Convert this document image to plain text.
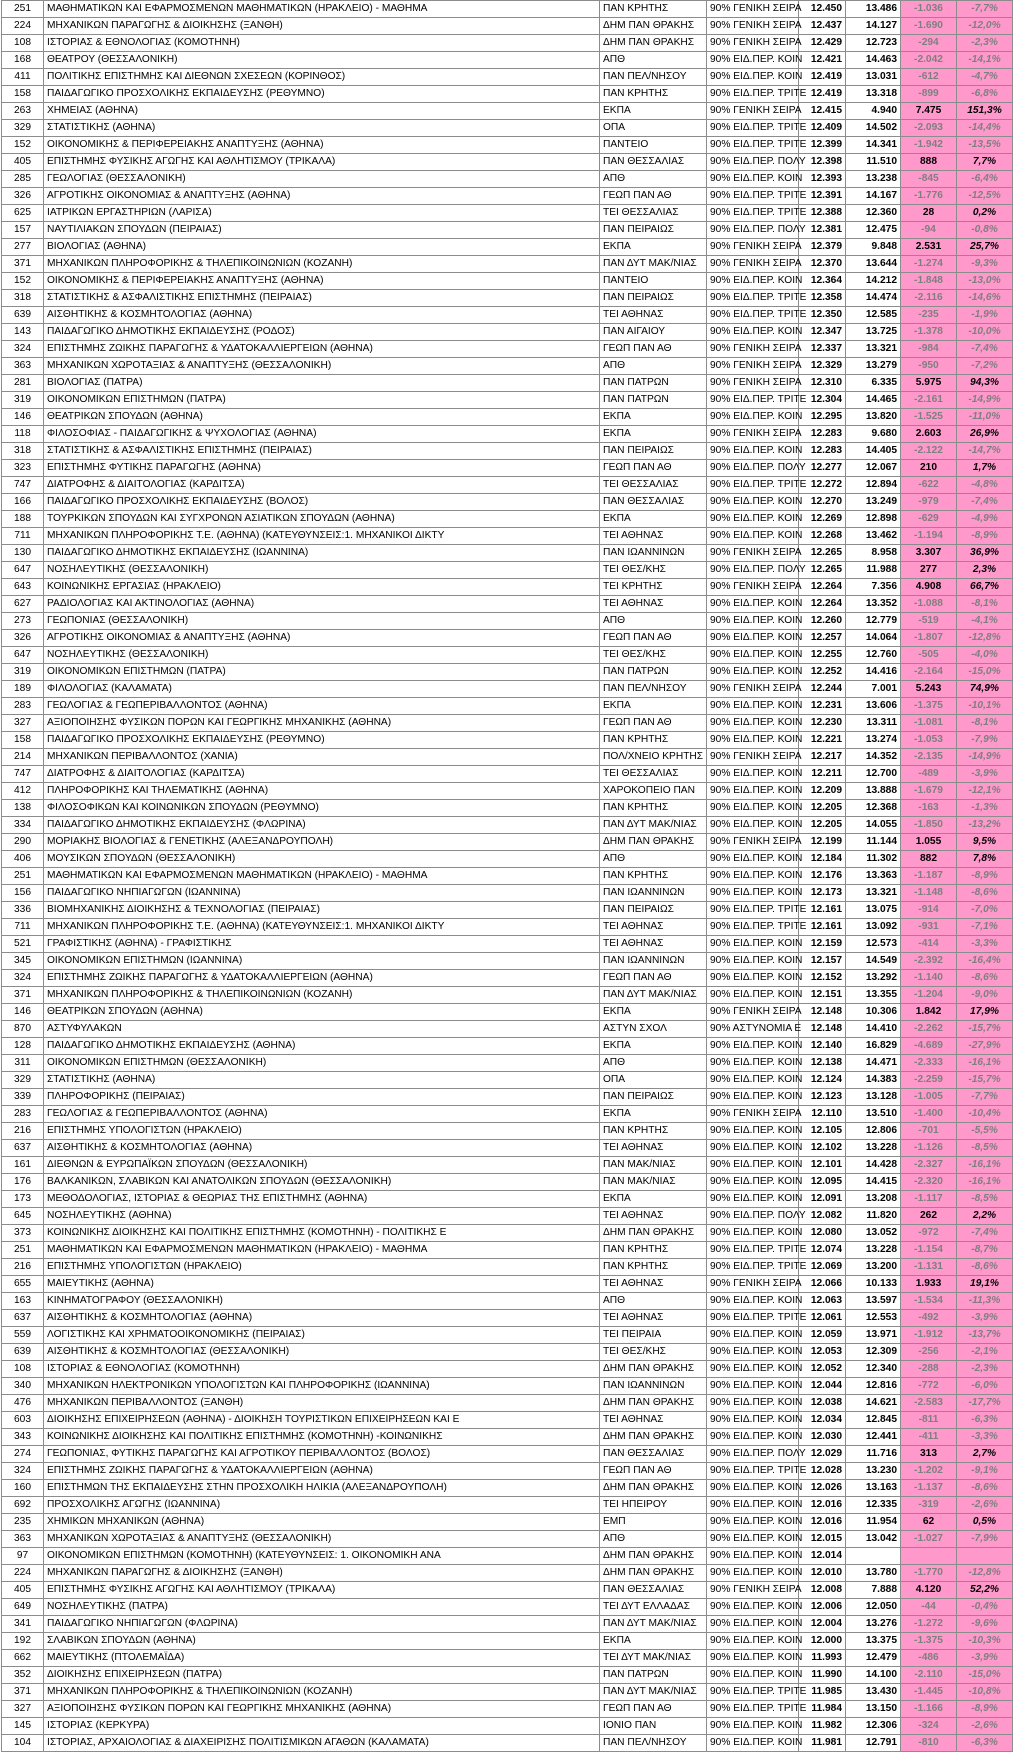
251	ΜΑΘΗΜΑΤΙΚΩΝ ΚΑΙ ΕΦΑΡΜΟΣΜΕΝΩΝ ΜΑΘΗΜΑΤΙΚΩΝ (ΗΡΑΚΛΕΙΟ) - ΜΑΘΗΜΑ	ΠΑΝ ΚΡΗΤΗΣ	90% ΓΕΝΙΚΗ ΣΕΙΡΑ	12.450	13.486	-1.036	-7,7%
224	ΜΗΧΑΝΙΚΩΝ ΠΑΡΑΓΩΓΗΣ & ΔΙΟΙΚΗΣΗΣ (ΞΑΝΘΗ)	ΔΗΜ ΠΑΝ ΘΡΑΚΗΣ	90% ΓΕΝΙΚΗ ΣΕΙΡΑ	12.437	14.127	-1.690	-12,0%
108	ΙΣΤΟΡΙΑΣ & ΕΘΝΟΛΟΓΙΑΣ (ΚΟΜΟΤΗΝΗ)	ΔΗΜ ΠΑΝ ΘΡΑΚΗΣ	90% ΓΕΝΙΚΗ ΣΕΙΡΑ	12.429	12.723	-294	-2,3%
168	ΘΕΑΤΡΟΥ (ΘΕΣΣΑΛΟΝΙΚΗ)	ΑΠΘ	90% ΕΙΔ.ΠΕΡ. ΚΟΙΝ	12.421	14.463	-2.042	-14,1%
411	ΠΟΛΙΤΙΚΗΣ ΕΠΙΣΤΗΜΗΣ ΚΑΙ ΔΙΕΘΝΩΝ ΣΧΕΣΕΩΝ (ΚΟΡΙΝΘΟΣ)	ΠΑΝ ΠΕΛ/ΝΗΣΟΥ	90% ΕΙΔ.ΠΕΡ. ΚΟΙΝ	12.419	13.031	-612	-4,7%
158	ΠΑΙΔΑΓΩΓΙΚΟ ΠΡΟΣΧΟΛΙΚΗΣ ΕΚΠΑΙΔΕΥΣΗΣ (ΡΕΘΥΜΝΟ)	ΠΑΝ ΚΡΗΤΗΣ	90% ΕΙΔ.ΠΕΡ. ΤΡΙΤΕ	12.419	13.318	-899	-6,8%
263	ΧΗΜΕΙΑΣ (ΑΘΗΝΑ)	ΕΚΠΑ	90% ΓΕΝΙΚΗ ΣΕΙΡΑ	12.415	4.940	7.475	151,3%
329	ΣΤΑΤΙΣΤΙΚΗΣ (ΑΘΗΝΑ)	ΟΠΑ	90% ΕΙΔ.ΠΕΡ. ΤΡΙΤΕ	12.409	14.502	-2.093	-14,4%
152	ΟΙΚΟΝΟΜΙΚΗΣ & ΠΕΡΙΦΕΡΕΙΑΚΗΣ ΑΝΑΠΤΥΞΗΣ (ΑΘΗΝΑ)	ΠΑΝΤΕΙΟ	90% ΕΙΔ.ΠΕΡ. ΤΡΙΤΕ	12.399	14.341	-1.942	-13,5%
405	ΕΠΙΣΤΗΜΗΣ ΦΥΣΙΚΗΣ ΑΓΩΓΗΣ ΚΑΙ ΑΘΛΗΤΙΣΜΟΥ (ΤΡΙΚΑΛΑ)	ΠΑΝ ΘΕΣΣΑΛΙΑΣ	90% ΕΙΔ.ΠΕΡ. ΠΟΛΥ	12.398	11.510	888	7,7%
285	ΓΕΩΛΟΓΙΑΣ (ΘΕΣΣΑΛΟΝΙΚΗ)	ΑΠΘ	90% ΕΙΔ.ΠΕΡ. ΚΟΙΝ	12.393	13.238	-845	-6,4%
326	ΑΓΡΟΤΙΚΗΣ ΟΙΚΟΝΟΜΙΑΣ & ΑΝΑΠΤΥΞΗΣ (ΑΘΗΝΑ)	ΓΕΩΠ ΠΑΝ ΑΘ	90% ΕΙΔ.ΠΕΡ. ΤΡΙΤΕ	12.391	14.167	-1.776	-12,5%
625	ΙΑΤΡΙΚΩΝ ΕΡΓΑΣΤΗΡΙΩΝ (ΛΑΡΙΣΑ)	ΤΕΙ ΘΕΣΣΑΛΙΑΣ	90% ΕΙΔ.ΠΕΡ. ΤΡΙΤΕ	12.388	12.360	28	0,2%
157	ΝΑΥΤΙΛΙΑΚΩΝ ΣΠΟΥΔΩΝ (ΠΕΙΡΑΙΑΣ)	ΠΑΝ ΠΕΙΡΑΙΩΣ	90% ΕΙΔ.ΠΕΡ. ΠΟΛΥ	12.381	12.475	-94	-0,8%
277	ΒΙΟΛΟΓΙΑΣ (ΑΘΗΝΑ)	ΕΚΠΑ	90% ΓΕΝΙΚΗ ΣΕΙΡΑ	12.379	9.848	2.531	25,7%
371	ΜΗΧΑΝΙΚΩΝ ΠΛΗΡΟΦΟΡΙΚΗΣ & ΤΗΛΕΠΙΚΟΙΝΩΝΙΩΝ (ΚΟΖΑΝΗ)	ΠΑΝ ΔΥΤ ΜΑΚ/ΝΙΑΣ	90% ΓΕΝΙΚΗ ΣΕΙΡΑ	12.370	13.644	-1.274	-9,3%
152	ΟΙΚΟΝΟΜΙΚΗΣ & ΠΕΡΙΦΕΡΕΙΑΚΗΣ ΑΝΑΠΤΥΞΗΣ (ΑΘΗΝΑ)	ΠΑΝΤΕΙΟ	90% ΕΙΔ.ΠΕΡ. ΚΟΙΝ	12.364	14.212	-1.848	-13,0%
318	ΣΤΑΤΙΣΤΙΚΗΣ & ΑΣΦΑΛΙΣΤΙΚΗΣ ΕΠΙΣΤΗΜΗΣ (ΠΕΙΡΑΙΑΣ)	ΠΑΝ ΠΕΙΡΑΙΩΣ	90% ΕΙΔ.ΠΕΡ. ΤΡΙΤΕ	12.358	14.474	-2.116	-14,6%
639	ΑΙΣΘΗΤΙΚΗΣ & ΚΟΣΜΗΤΟΛΟΓΙΑΣ (ΑΘΗΝΑ)	ΤΕΙ ΑΘΗΝΑΣ	90% ΕΙΔ.ΠΕΡ. ΤΡΙΤΕ	12.350	12.585	-235	-1,9%
143	ΠΑΙΔΑΓΩΓΙΚΟ ΔΗΜΟΤΙΚΗΣ ΕΚΠΑΙΔΕΥΣΗΣ (ΡΟΔΟΣ)	ΠΑΝ ΑΙΓΑΙΟΥ	90% ΕΙΔ.ΠΕΡ. ΚΟΙΝ	12.347	13.725	-1.378	-10,0%
324	ΕΠΙΣΤΗΜΗΣ ΖΩΙΚΗΣ ΠΑΡΑΓΩΓΗΣ & ΥΔΑΤΟΚΑΛΛΙΕΡΓΕΙΩΝ (ΑΘΗΝΑ)	ΓΕΩΠ ΠΑΝ ΑΘ	90% ΓΕΝΙΚΗ ΣΕΙΡΑ	12.337	13.321	-984	-7,4%
363	ΜΗΧΑΝΙΚΩΝ ΧΩΡΟΤΑΞΙΑΣ & ΑΝΑΠΤΥΞΗΣ (ΘΕΣΣΑΛΟΝΙΚΗ)	ΑΠΘ	90% ΓΕΝΙΚΗ ΣΕΙΡΑ	12.329	13.279	-950	-7,2%
281	ΒΙΟΛΟΓΙΑΣ (ΠΑΤΡΑ)	ΠΑΝ ΠΑΤΡΩΝ	90% ΓΕΝΙΚΗ ΣΕΙΡΑ	12.310	6.335	5.975	94,3%
319	ΟΙΚΟΝΟΜΙΚΩΝ ΕΠΙΣΤΗΜΩΝ (ΠΑΤΡΑ)	ΠΑΝ ΠΑΤΡΩΝ	90% ΕΙΔ.ΠΕΡ. ΤΡΙΤΕ	12.304	14.465	-2.161	-14,9%
146	ΘΕΑΤΡΙΚΩΝ ΣΠΟΥΔΩΝ (ΑΘΗΝΑ)	ΕΚΠΑ	90% ΕΙΔ.ΠΕΡ. ΚΟΙΝ	12.295	13.820	-1.525	-11,0%
118	ΦΙΛΟΣΟΦΙΑΣ - ΠΑΙΔΑΓΩΓΙΚΗΣ & ΨΥΧΟΛΟΓΙΑΣ (ΑΘΗΝΑ)	ΕΚΠΑ	90% ΓΕΝΙΚΗ ΣΕΙΡΑ	12.283	9.680	2.603	26,9%
318	ΣΤΑΤΙΣΤΙΚΗΣ & ΑΣΦΑΛΙΣΤΙΚΗΣ ΕΠΙΣΤΗΜΗΣ (ΠΕΙΡΑΙΑΣ)	ΠΑΝ ΠΕΙΡΑΙΩΣ	90% ΕΙΔ.ΠΕΡ. ΚΟΙΝ	12.283	14.405	-2.122	-14,7%
323	ΕΠΙΣΤΗΜΗΣ ΦΥΤΙΚΗΣ ΠΑΡΑΓΩΓΗΣ (ΑΘΗΝΑ)	ΓΕΩΠ ΠΑΝ ΑΘ	90% ΕΙΔ.ΠΕΡ. ΠΟΛΥ	12.277	12.067	210	1,7%
747	ΔΙΑΤΡΟΦΗΣ & ΔΙΑΙΤΟΛΟΓΙΑΣ (ΚΑΡΔΙΤΣΑ)	ΤΕΙ ΘΕΣΣΑΛΙΑΣ	90% ΕΙΔ.ΠΕΡ. ΤΡΙΤΕ	12.272	12.894	-622	-4,8%
166	ΠΑΙΔΑΓΩΓΙΚΟ ΠΡΟΣΧΟΛΙΚΗΣ ΕΚΠΑΙΔΕΥΣΗΣ (ΒΟΛΟΣ)	ΠΑΝ ΘΕΣΣΑΛΙΑΣ	90% ΕΙΔ.ΠΕΡ. ΚΟΙΝ	12.270	13.249	-979	-7,4%
188	ΤΟΥΡΚΙΚΩΝ ΣΠΟΥΔΩΝ ΚΑΙ ΣΥΓΧΡΟΝΩΝ ΑΣΙΑΤΙΚΩΝ ΣΠΟΥΔΩΝ (ΑΘΗΝΑ)	ΕΚΠΑ	90% ΕΙΔ.ΠΕΡ. ΚΟΙΝ	12.269	12.898	-629	-4,9%
711	ΜΗΧΑΝΙΚΩΝ ΠΛΗΡΟΦΟΡΙΚΗΣ Τ.Ε. (ΑΘΗΝΑ) (ΚΑΤΕΥΘΥΝΣΕΙΣ:1. ΜΗΧΑΝΙΚΟΙ ΔΙΚΤΥ	ΤΕΙ ΑΘΗΝΑΣ	90% ΕΙΔ.ΠΕΡ. ΚΟΙΝ	12.268	13.462	-1.194	-8,9%
130	ΠΑΙΔΑΓΩΓΙΚΟ ΔΗΜΟΤΙΚΗΣ ΕΚΠΑΙΔΕΥΣΗΣ (ΙΩΑΝΝΙΝΑ)	ΠΑΝ ΙΩΑΝΝΙΝΩΝ	90% ΓΕΝΙΚΗ ΣΕΙΡΑ	12.265	8.958	3.307	36,9%
647	ΝΟΣΗΛΕΥΤΙΚΗΣ (ΘΕΣΣΑΛΟΝΙΚΗ)	ΤΕΙ ΘΕΣ/ΚΗΣ	90% ΕΙΔ.ΠΕΡ. ΠΟΛΥ	12.265	11.988	277	2,3%
643	ΚΟΙΝΩΝΙΚΗΣ ΕΡΓΑΣΙΑΣ (ΗΡΑΚΛΕΙΟ)	ΤΕΙ ΚΡΗΤΗΣ	90% ΓΕΝΙΚΗ ΣΕΙΡΑ	12.264	7.356	4.908	66,7%
627	ΡΑΔΙΟΛΟΓΙΑΣ ΚΑΙ ΑΚΤΙΝΟΛΟΓΙΑΣ (ΑΘΗΝΑ)	ΤΕΙ ΑΘΗΝΑΣ	90% ΕΙΔ.ΠΕΡ. ΚΟΙΝ	12.264	13.352	-1.088	-8,1%
273	ΓΕΩΠΟΝΙΑΣ (ΘΕΣΣΑΛΟΝΙΚΗ)	ΑΠΘ	90% ΕΙΔ.ΠΕΡ. ΚΟΙΝ	12.260	12.779	-519	-4,1%
326	ΑΓΡΟΤΙΚΗΣ ΟΙΚΟΝΟΜΙΑΣ & ΑΝΑΠΤΥΞΗΣ (ΑΘΗΝΑ)	ΓΕΩΠ ΠΑΝ ΑΘ	90% ΕΙΔ.ΠΕΡ. ΚΟΙΝ	12.257	14.064	-1.807	-12,8%
647	ΝΟΣΗΛΕΥΤΙΚΗΣ (ΘΕΣΣΑΛΟΝΙΚΗ)	ΤΕΙ ΘΕΣ/ΚΗΣ	90% ΕΙΔ.ΠΕΡ. ΚΟΙΝ	12.255	12.760	-505	-4,0%
319	ΟΙΚΟΝΟΜΙΚΩΝ ΕΠΙΣΤΗΜΩΝ (ΠΑΤΡΑ)	ΠΑΝ ΠΑΤΡΩΝ	90% ΕΙΔ.ΠΕΡ. ΚΟΙΝ	12.252	14.416	-2.164	-15,0%
189	ΦΙΛΟΛΟΓΙΑΣ (ΚΑΛΑΜΑΤΑ)	ΠΑΝ ΠΕΛ/ΝΗΣΟΥ	90% ΓΕΝΙΚΗ ΣΕΙΡΑ	12.244	7.001	5.243	74,9%
283	ΓΕΩΛΟΓΙΑΣ & ΓΕΩΠΕΡΙΒΑΛΛΟΝΤΟΣ (ΑΘΗΝΑ)	ΕΚΠΑ	90% ΕΙΔ.ΠΕΡ. ΚΟΙΝ	12.231	13.606	-1.375	-10,1%
327	ΑΞΙΟΠΟΙΗΣΗΣ ΦΥΣΙΚΩΝ ΠΟΡΩΝ ΚΑΙ ΓΕΩΡΓΙΚΗΣ ΜΗΧΑΝΙΚΗΣ (ΑΘΗΝΑ)	ΓΕΩΠ ΠΑΝ ΑΘ	90% ΕΙΔ.ΠΕΡ. ΚΟΙΝ	12.230	13.311	-1.081	-8,1%
158	ΠΑΙΔΑΓΩΓΙΚΟ ΠΡΟΣΧΟΛΙΚΗΣ ΕΚΠΑΙΔΕΥΣΗΣ (ΡΕΘΥΜΝΟ)	ΠΑΝ ΚΡΗΤΗΣ	90% ΕΙΔ.ΠΕΡ. ΚΟΙΝ	12.221	13.274	-1.053	-7,9%
214	ΜΗΧΑΝΙΚΩΝ ΠΕΡΙΒΑΛΛΟΝΤΟΣ (ΧΑΝΙΑ)	ΠΟΛ/ΧΝΕΙΟ ΚΡΗΤΗΣ	90% ΓΕΝΙΚΗ ΣΕΙΡΑ	12.217	14.352	-2.135	-14,9%
747	ΔΙΑΤΡΟΦΗΣ & ΔΙΑΙΤΟΛΟΓΙΑΣ (ΚΑΡΔΙΤΣΑ)	ΤΕΙ ΘΕΣΣΑΛΙΑΣ	90% ΕΙΔ.ΠΕΡ. ΚΟΙΝ	12.211	12.700	-489	-3,9%
412	ΠΛΗΡΟΦΟΡΙΚΗΣ ΚΑΙ ΤΗΛΕΜΑΤΙΚΗΣ (ΑΘΗΝΑ)	ΧΑΡΟΚΟΠΕΙΟ ΠΑΝ	90% ΕΙΔ.ΠΕΡ. ΚΟΙΝ	12.209	13.888	-1.679	-12,1%
138	ΦΙΛΟΣΟΦΙΚΩΝ ΚΑΙ ΚΟΙΝΩΝΙΚΩΝ ΣΠΟΥΔΩΝ (ΡΕΘΥΜΝΟ)	ΠΑΝ ΚΡΗΤΗΣ	90% ΕΙΔ.ΠΕΡ. ΚΟΙΝ	12.205	12.368	-163	-1,3%
334	ΠΑΙΔΑΓΩΓΙΚΟ ΔΗΜΟΤΙΚΗΣ ΕΚΠΑΙΔΕΥΣΗΣ (ΦΛΩΡΙΝΑ)	ΠΑΝ ΔΥΤ ΜΑΚ/ΝΙΑΣ	90% ΕΙΔ.ΠΕΡ. ΚΟΙΝ	12.205	14.055	-1.850	-13,2%
290	ΜΟΡΙΑΚΗΣ ΒΙΟΛΟΓΙΑΣ & ΓΕΝΕΤΙΚΗΣ (ΑΛΕΞΑΝΔΡΟΥΠΟΛΗ)	ΔΗΜ ΠΑΝ ΘΡΑΚΗΣ	90% ΓΕΝΙΚΗ ΣΕΙΡΑ	12.199	11.144	1.055	9,5%
406	ΜΟΥΣΙΚΩΝ ΣΠΟΥΔΩΝ (ΘΕΣΣΑΛΟΝΙΚΗ)	ΑΠΘ	90% ΕΙΔ.ΠΕΡ. ΚΟΙΝ	12.184	11.302	882	7,8%
251	ΜΑΘΗΜΑΤΙΚΩΝ ΚΑΙ ΕΦΑΡΜΟΣΜΕΝΩΝ ΜΑΘΗΜΑΤΙΚΩΝ (ΗΡΑΚΛΕΙΟ) - ΜΑΘΗΜΑ	ΠΑΝ ΚΡΗΤΗΣ	90% ΕΙΔ.ΠΕΡ. ΚΟΙΝ	12.176	13.363	-1.187	-8,9%
156	ΠΑΙΔΑΓΩΓΙΚΟ ΝΗΠΙΑΓΩΓΩΝ (ΙΩΑΝΝΙΝΑ)	ΠΑΝ ΙΩΑΝΝΙΝΩΝ	90% ΕΙΔ.ΠΕΡ. ΚΟΙΝ	12.173	13.321	-1.148	-8,6%
336	ΒΙΟΜΗΧΑΝΙΚΗΣ ΔΙΟΙΚΗΣΗΣ & ΤΕΧΝΟΛΟΓΙΑΣ (ΠΕΙΡΑΙΑΣ)	ΠΑΝ ΠΕΙΡΑΙΩΣ	90% ΕΙΔ.ΠΕΡ. ΤΡΙΤΕ	12.161	13.075	-914	-7,0%
711	ΜΗΧΑΝΙΚΩΝ ΠΛΗΡΟΦΟΡΙΚΗΣ Τ.Ε. (ΑΘΗΝΑ) (ΚΑΤΕΥΘΥΝΣΕΙΣ:1. ΜΗΧΑΝΙΚΟΙ ΔΙΚΤΥ	ΤΕΙ ΑΘΗΝΑΣ	90% ΕΙΔ.ΠΕΡ. ΤΡΙΤΕ	12.161	13.092	-931	-7,1%
521	ΓΡΑΦΙΣΤΙΚΗΣ (ΑΘΗΝΑ) - ΓΡΑΦΙΣΤΙΚΗΣ	ΤΕΙ ΑΘΗΝΑΣ	90% ΕΙΔ.ΠΕΡ. ΚΟΙΝ	12.159	12.573	-414	-3,3%
345	ΟΙΚΟΝΟΜΙΚΩΝ ΕΠΙΣΤΗΜΩΝ (ΙΩΑΝΝΙΝΑ)	ΠΑΝ ΙΩΑΝΝΙΝΩΝ	90% ΕΙΔ.ΠΕΡ. ΚΟΙΝ	12.157	14.549	-2.392	-16,4%
324	ΕΠΙΣΤΗΜΗΣ ΖΩΙΚΗΣ ΠΑΡΑΓΩΓΗΣ & ΥΔΑΤΟΚΑΛΛΙΕΡΓΕΙΩΝ (ΑΘΗΝΑ)	ΓΕΩΠ ΠΑΝ ΑΘ	90% ΕΙΔ.ΠΕΡ. ΚΟΙΝ	12.152	13.292	-1.140	-8,6%
371	ΜΗΧΑΝΙΚΩΝ ΠΛΗΡΟΦΟΡΙΚΗΣ & ΤΗΛΕΠΙΚΟΙΝΩΝΙΩΝ (ΚΟΖΑΝΗ)	ΠΑΝ ΔΥΤ ΜΑΚ/ΝΙΑΣ	90% ΕΙΔ.ΠΕΡ. ΚΟΙΝ	12.151	13.355	-1.204	-9,0%
146	ΘΕΑΤΡΙΚΩΝ ΣΠΟΥΔΩΝ (ΑΘΗΝΑ)	ΕΚΠΑ	90% ΓΕΝΙΚΗ ΣΕΙΡΑ	12.148	10.306	1.842	17,9%
870	ΑΣΤΥΦΥΛΑΚΩΝ	ΑΣΤΥΝ ΣΧΟΛ	90% ΑΣΤΥΝΟΜΙΑ Ε	12.148	14.410	-2.262	-15,7%
128	ΠΑΙΔΑΓΩΓΙΚΟ ΔΗΜΟΤΙΚΗΣ ΕΚΠΑΙΔΕΥΣΗΣ (ΑΘΗΝΑ)	ΕΚΠΑ	90% ΕΙΔ.ΠΕΡ. ΚΟΙΝ	12.140	16.829	-4.689	-27,9%
311	ΟΙΚΟΝΟΜΙΚΩΝ ΕΠΙΣΤΗΜΩΝ (ΘΕΣΣΑΛΟΝΙΚΗ)	ΑΠΘ	90% ΕΙΔ.ΠΕΡ. ΚΟΙΝ	12.138	14.471	-2.333	-16,1%
329	ΣΤΑΤΙΣΤΙΚΗΣ (ΑΘΗΝΑ)	ΟΠΑ	90% ΕΙΔ.ΠΕΡ. ΚΟΙΝ	12.124	14.383	-2.259	-15,7%
339	ΠΛΗΡΟΦΟΡΙΚΗΣ (ΠΕΙΡΑΙΑΣ)	ΠΑΝ ΠΕΙΡΑΙΩΣ	90% ΕΙΔ.ΠΕΡ. ΚΟΙΝ	12.123	13.128	-1.005	-7,7%
283	ΓΕΩΛΟΓΙΑΣ & ΓΕΩΠΕΡΙΒΑΛΛΟΝΤΟΣ (ΑΘΗΝΑ)	ΕΚΠΑ	90% ΓΕΝΙΚΗ ΣΕΙΡΑ	12.110	13.510	-1.400	-10,4%
216	ΕΠΙΣΤΗΜΗΣ ΥΠΟΛΟΓΙΣΤΩΝ (ΗΡΑΚΛΕΙΟ)	ΠΑΝ ΚΡΗΤΗΣ	90% ΕΙΔ.ΠΕΡ. ΚΟΙΝ	12.105	12.806	-701	-5,5%
637	ΑΙΣΘΗΤΙΚΗΣ & ΚΟΣΜΗΤΟΛΟΓΙΑΣ (ΑΘΗΝΑ)	ΤΕΙ ΑΘΗΝΑΣ	90% ΕΙΔ.ΠΕΡ. ΚΟΙΝ	12.102	13.228	-1.126	-8,5%
161	ΔΙΕΘΝΩΝ & ΕΥΡΩΠΑΪΚΩΝ ΣΠΟΥΔΩΝ (ΘΕΣΣΑΛΟΝΙΚΗ)	ΠΑΝ ΜΑΚ/ΝΙΑΣ	90% ΕΙΔ.ΠΕΡ. ΚΟΙΝ	12.101	14.428	-2.327	-16,1%
176	ΒΑΛΚΑΝΙΚΩΝ, ΣΛΑΒΙΚΩΝ ΚΑΙ ΑΝΑΤΟΛΙΚΩΝ ΣΠΟΥΔΩΝ (ΘΕΣΣΑΛΟΝΙΚΗ)	ΠΑΝ ΜΑΚ/ΝΙΑΣ	90% ΕΙΔ.ΠΕΡ. ΚΟΙΝ	12.095	14.415	-2.320	-16,1%
173	ΜΕΘΟΔΟΛΟΓΙΑΣ, ΙΣΤΟΡΙΑΣ & ΘΕΩΡΙΑΣ ΤΗΣ ΕΠΙΣΤΗΜΗΣ (ΑΘΗΝΑ)	ΕΚΠΑ	90% ΕΙΔ.ΠΕΡ. ΚΟΙΝ	12.091	13.208	-1.117	-8,5%
645	ΝΟΣΗΛΕΥΤΙΚΗΣ (ΑΘΗΝΑ)	ΤΕΙ ΑΘΗΝΑΣ	90% ΕΙΔ.ΠΕΡ. ΠΟΛΥ	12.082	11.820	262	2,2%
373	ΚΟΙΝΩΝΙΚΗΣ ΔΙΟΙΚΗΣΗΣ ΚΑΙ ΠΟΛΙΤΙΚΗΣ ΕΠΙΣΤΗΜΗΣ (ΚΟΜΟΤΗΝΗ) - ΠΟΛΙΤΙΚΗΣ Ε	ΔΗΜ ΠΑΝ ΘΡΑΚΗΣ	90% ΕΙΔ.ΠΕΡ. ΚΟΙΝ	12.080	13.052	-972	-7,4%
251	ΜΑΘΗΜΑΤΙΚΩΝ ΚΑΙ ΕΦΑΡΜΟΣΜΕΝΩΝ ΜΑΘΗΜΑΤΙΚΩΝ (ΗΡΑΚΛΕΙΟ) - ΜΑΘΗΜΑ	ΠΑΝ ΚΡΗΤΗΣ	90% ΕΙΔ.ΠΕΡ. ΤΡΙΤΕ	12.074	13.228	-1.154	-8,7%
216	ΕΠΙΣΤΗΜΗΣ ΥΠΟΛΟΓΙΣΤΩΝ (ΗΡΑΚΛΕΙΟ)	ΠΑΝ ΚΡΗΤΗΣ	90% ΕΙΔ.ΠΕΡ. ΤΡΙΤΕ	12.069	13.200	-1.131	-8,6%
655	ΜΑΙΕΥΤΙΚΗΣ (ΑΘΗΝΑ)	ΤΕΙ ΑΘΗΝΑΣ	90% ΓΕΝΙΚΗ ΣΕΙΡΑ	12.066	10.133	1.933	19,1%
163	ΚΙΝΗΜΑΤΟΓΡΑΦΟΥ (ΘΕΣΣΑΛΟΝΙΚΗ)	ΑΠΘ	90% ΕΙΔ.ΠΕΡ. ΚΟΙΝ	12.063	13.597	-1.534	-11,3%
637	ΑΙΣΘΗΤΙΚΗΣ & ΚΟΣΜΗΤΟΛΟΓΙΑΣ (ΑΘΗΝΑ)	ΤΕΙ ΑΘΗΝΑΣ	90% ΕΙΔ.ΠΕΡ. ΤΡΙΤΕ	12.061	12.553	-492	-3,9%
559	ΛΟΓΙΣΤΙΚΗΣ ΚΑΙ ΧΡΗΜΑΤΟΟΙΚΟΝΟΜΙΚΗΣ (ΠΕΙΡΑΙΑΣ)	ΤΕΙ ΠΕΙΡΑΙΑ	90% ΕΙΔ.ΠΕΡ. ΚΟΙΝ	12.059	13.971	-1.912	-13,7%
639	ΑΙΣΘΗΤΙΚΗΣ & ΚΟΣΜΗΤΟΛΟΓΙΑΣ (ΘΕΣΣΑΛΟΝΙΚΗ)	ΤΕΙ ΘΕΣ/ΚΗΣ	90% ΕΙΔ.ΠΕΡ. ΚΟΙΝ	12.053	12.309	-256	-2,1%
108	ΙΣΤΟΡΙΑΣ & ΕΘΝΟΛΟΓΙΑΣ (ΚΟΜΟΤΗΝΗ)	ΔΗΜ ΠΑΝ ΘΡΑΚΗΣ	90% ΕΙΔ.ΠΕΡ. ΚΟΙΝ	12.052	12.340	-288	-2,3%
340	ΜΗΧΑΝΙΚΩΝ ΗΛΕΚΤΡΟΝΙΚΩΝ ΥΠΟΛΟΓΙΣΤΩΝ ΚΑΙ ΠΛΗΡΟΦΟΡΙΚΗΣ (ΙΩΑΝΝΙΝΑ)	ΠΑΝ ΙΩΑΝΝΙΝΩΝ	90% ΕΙΔ.ΠΕΡ. ΚΟΙΝ	12.044	12.816	-772	-6,0%
476	ΜΗΧΑΝΙΚΩΝ ΠΕΡΙΒΑΛΛΟΝΤΟΣ (ΞΑΝΘΗ)	ΔΗΜ ΠΑΝ ΘΡΑΚΗΣ	90% ΕΙΔ.ΠΕΡ. ΚΟΙΝ	12.038	14.621	-2.583	-17,7%
603	ΔΙΟΙΚΗΣΗΣ ΕΠΙΧΕΙΡΗΣΕΩΝ (ΑΘΗΝΑ) - ΔΙΟΙΚΗΣΗ ΤΟΥΡΙΣΤΙΚΩΝ ΕΠΙΧΕΙΡΗΣΕΩΝ ΚΑΙ Ε	ΤΕΙ ΑΘΗΝΑΣ	90% ΕΙΔ.ΠΕΡ. ΚΟΙΝ	12.034	12.845	-811	-6,3%
343	ΚΟΙΝΩΝΙΚΗΣ ΔΙΟΙΚΗΣΗΣ ΚΑΙ ΠΟΛΙΤΙΚΗΣ ΕΠΙΣΤΗΜΗΣ (ΚΟΜΟΤΗΝΗ) -ΚΟΙΝΩΝΙΚΗΣ	ΔΗΜ ΠΑΝ ΘΡΑΚΗΣ	90% ΕΙΔ.ΠΕΡ. ΚΟΙΝ	12.030	12.441	-411	-3,3%
274	ΓΕΩΠΟΝΙΑΣ, ΦΥΤΙΚΗΣ ΠΑΡΑΓΩΓΗΣ ΚΑΙ ΑΓΡΟΤΙΚΟΥ ΠΕΡΙΒΑΛΛΟΝΤΟΣ (ΒΟΛΟΣ)	ΠΑΝ ΘΕΣΣΑΛΙΑΣ	90% ΕΙΔ.ΠΕΡ. ΠΟΛΥ	12.029	11.716	313	2,7%
324	ΕΠΙΣΤΗΜΗΣ ΖΩΙΚΗΣ ΠΑΡΑΓΩΓΗΣ & ΥΔΑΤΟΚΑΛΛΙΕΡΓΕΙΩΝ (ΑΘΗΝΑ)	ΓΕΩΠ ΠΑΝ ΑΘ	90% ΕΙΔ.ΠΕΡ. ΤΡΙΤΕ	12.028	13.230	-1.202	-9,1%
160	ΕΠΙΣΤΗΜΩΝ ΤΗΣ ΕΚΠΑΙΔΕΥΣΗΣ ΣΤΗΝ ΠΡΟΣΧΟΛΙΚΗ ΗΛΙΚΙΑ (ΑΛΕΞΑΝΔΡΟΥΠΟΛΗ)	ΔΗΜ ΠΑΝ ΘΡΑΚΗΣ	90% ΕΙΔ.ΠΕΡ. ΚΟΙΝ	12.026	13.163	-1.137	-8,6%
692	ΠΡΟΣΧΟΛΙΚΗΣ ΑΓΩΓΗΣ (ΙΩΑΝΝΙΝΑ)	ΤΕΙ ΗΠΕΙΡΟΥ	90% ΕΙΔ.ΠΕΡ. ΚΟΙΝ	12.016	12.335	-319	-2,6%
235	ΧΗΜΙΚΩΝ ΜΗΧΑΝΙΚΩΝ (ΑΘΗΝΑ)	ΕΜΠ	90% ΕΙΔ.ΠΕΡ. ΚΟΙΝ	12.016	11.954	62	0,5%
363	ΜΗΧΑΝΙΚΩΝ ΧΩΡΟΤΑΞΙΑΣ & ΑΝΑΠΤΥΞΗΣ (ΘΕΣΣΑΛΟΝΙΚΗ)	ΑΠΘ	90% ΕΙΔ.ΠΕΡ. ΚΟΙΝ	12.015	13.042	-1.027	-7,9%
97	ΟΙΚΟΝΟΜΙΚΩΝ ΕΠΙΣΤΗΜΩΝ (ΚΟΜΟΤΗΝΗ) (ΚΑΤΕΥΘΥΝΣΕΙΣ: 1. ΟΙΚΟΝΟΜΙΚΗ ΑΝΑ	ΔΗΜ ΠΑΝ ΘΡΑΚΗΣ	90% ΕΙΔ.ΠΕΡ. ΚΟΙΝ	12.014			
224	ΜΗΧΑΝΙΚΩΝ ΠΑΡΑΓΩΓΗΣ & ΔΙΟΙΚΗΣΗΣ (ΞΑΝΘΗ)	ΔΗΜ ΠΑΝ ΘΡΑΚΗΣ	90% ΕΙΔ.ΠΕΡ. ΚΟΙΝ	12.010	13.780	-1.770	-12,8%
405	ΕΠΙΣΤΗΜΗΣ ΦΥΣΙΚΗΣ ΑΓΩΓΗΣ ΚΑΙ ΑΘΛΗΤΙΣΜΟΥ (ΤΡΙΚΑΛΑ)	ΠΑΝ ΘΕΣΣΑΛΙΑΣ	90% ΓΕΝΙΚΗ ΣΕΙΡΑ	12.008	7.888	4.120	52,2%
649	ΝΟΣΗΛΕΥΤΙΚΗΣ (ΠΑΤΡΑ)	ΤΕΙ ΔΥΤ ΕΛΛΑΔΑΣ	90% ΕΙΔ.ΠΕΡ. ΚΟΙΝ	12.006	12.050	-44	-0,4%
341	ΠΑΙΔΑΓΩΓΙΚΟ ΝΗΠΙΑΓΩΓΩΝ (ΦΛΩΡΙΝΑ)	ΠΑΝ ΔΥΤ ΜΑΚ/ΝΙΑΣ	90% ΕΙΔ.ΠΕΡ. ΚΟΙΝ	12.004	13.276	-1.272	-9,6%
192	ΣΛΑΒΙΚΩΝ ΣΠΟΥΔΩΝ (ΑΘΗΝΑ)	ΕΚΠΑ	90% ΕΙΔ.ΠΕΡ. ΚΟΙΝ	12.000	13.375	-1.375	-10,3%
662	ΜΑΙΕΥΤΙΚΗΣ (ΠΤΟΛΕΜΑΪΔΑ)	ΤΕΙ ΔΥΤ ΜΑΚ/ΝΙΑΣ	90% ΕΙΔ.ΠΕΡ. ΚΟΙΝ	11.993	12.479	-486	-3,9%
352	ΔΙΟΙΚΗΣΗΣ ΕΠΙΧΕΙΡΗΣΕΩΝ (ΠΑΤΡΑ)	ΠΑΝ ΠΑΤΡΩΝ	90% ΕΙΔ.ΠΕΡ. ΚΟΙΝ	11.990	14.100	-2.110	-15,0%
371	ΜΗΧΑΝΙΚΩΝ ΠΛΗΡΟΦΟΡΙΚΗΣ & ΤΗΛΕΠΙΚΟΙΝΩΝΙΩΝ (ΚΟΖΑΝΗ)	ΠΑΝ ΔΥΤ ΜΑΚ/ΝΙΑΣ	90% ΕΙΔ.ΠΕΡ. ΤΡΙΤΕ	11.985	13.430	-1.445	-10,8%
327	ΑΞΙΟΠΟΙΗΣΗΣ ΦΥΣΙΚΩΝ ΠΟΡΩΝ ΚΑΙ ΓΕΩΡΓΙΚΗΣ ΜΗΧΑΝΙΚΗΣ (ΑΘΗΝΑ)	ΓΕΩΠ ΠΑΝ ΑΘ	90% ΕΙΔ.ΠΕΡ. ΤΡΙΤΕ	11.984	13.150	-1.166	-8,9%
145	ΙΣΤΟΡΙΑΣ (ΚΕΡΚΥΡΑ)	ΙΟΝΙΟ ΠΑΝ	90% ΕΙΔ.ΠΕΡ. ΚΟΙΝ	11.982	12.306	-324	-2,6%
104	ΙΣΤΟΡΙΑΣ, ΑΡΧΑΙΟΛΟΓΙΑΣ & ΔΙΑΧΕΙΡΙΣΗΣ ΠΟΛΙΤΙΣΜΙΚΩΝ ΑΓΑΘΩΝ (ΚΑΛΑΜΑΤΑ)	ΠΑΝ ΠΕΛ/ΝΗΣΟΥ	90% ΕΙΔ.ΠΕΡ. ΚΟΙΝ	11.981	12.791	-810	-6,3%
